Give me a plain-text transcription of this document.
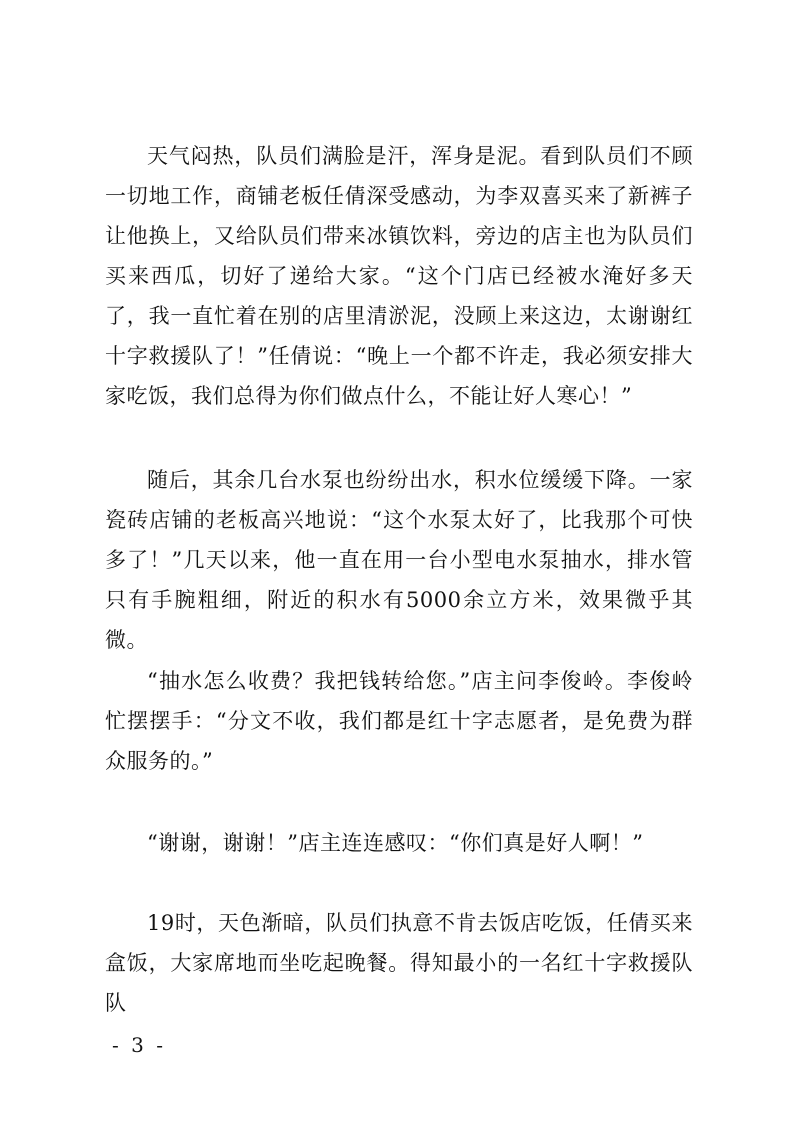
天气闷热，队员们满脸是汗，浑身是泥。看到队员们不顾一切地工作，商铺老板任倩深受感动，为李双喜买来了新裤子让他换上，又给队员们带来冰镇饮料，旁边的店主也为队员们买来西瓜，切好了递给大家。“这个门店已经被水淹好多天了，我一直忙着在别的店里清淤泥，没顾上来这边，太谢谢红十字救援队了！”任倩说：“晚上一个都不许走，我必须安排大家吃饭，我们总得为你们做点什么，不能让好人寒心！”

随后，其余几台水泵也纷纷出水，积水位缓缓下降。一家瓷砖店铺的老板高兴地说：“这个水泵太好了，比我那个可快多了！”几天以来，他一直在用一台小型电水泵抽水，排水管只有手腕粗细，附近的积水有5000余立方米，效果微乎其微。

“抽水怎么收费？我把钱转给您。”店主问李俊岭。李俊岭忙摆摆手：“分文不收，我们都是红十字志愿者，是免费为群众服务的。”

“谢谢，谢谢！”店主连连感叹：“你们真是好人啊！”

19时，天色渐暗，队员们执意不肯去饭店吃饭，任倩买来盒饭，大家席地而坐吃起晚餐。得知最小的一名红十字救援队队

- 3 -
